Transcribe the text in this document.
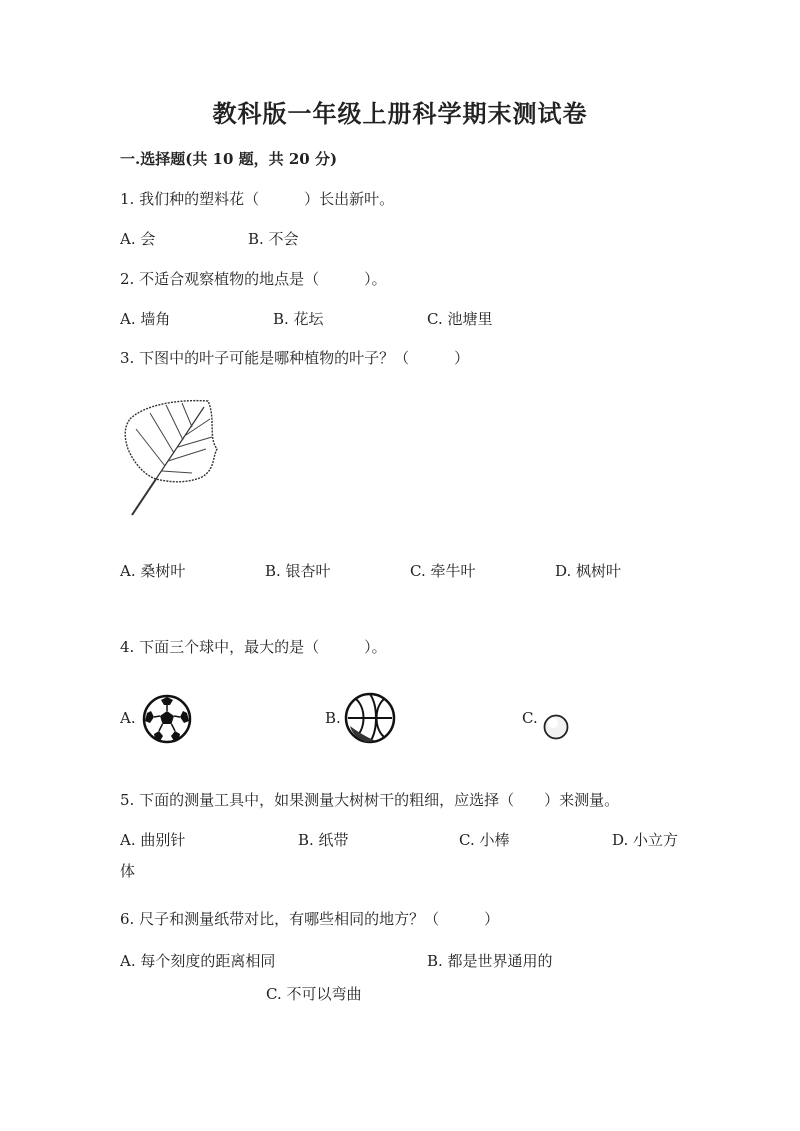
教科版一年级上册科学期末测试卷
一.选择题(共 10 题，共 20 分)
1. 我们种的塑料花（　　　）长出新叶。
A. 会	B. 不会
2. 不适合观察植物的地点是（　　　）。
A. 墙角	B. 花坛	C. 池塘里
3. 下图中的叶子可能是哪种植物的叶子？（　　　）
A. 桑树叶	B. 银杏叶	C. 牵牛叶	D. 枫树叶
4. 下面三个球中，最大的是（　　　）。
A.	B.	C.
5. 下面的测量工具中，如果测量大树树干的粗细，应选择（　　）来测量。
A. 曲别针	B. 纸带	C. 小棒	D. 小立方
体
6. 尺子和测量纸带对比，有哪些相同的地方？（　　　）
A. 每个刻度的距离相同	B. 都是世界通用的
C. 不可以弯曲
